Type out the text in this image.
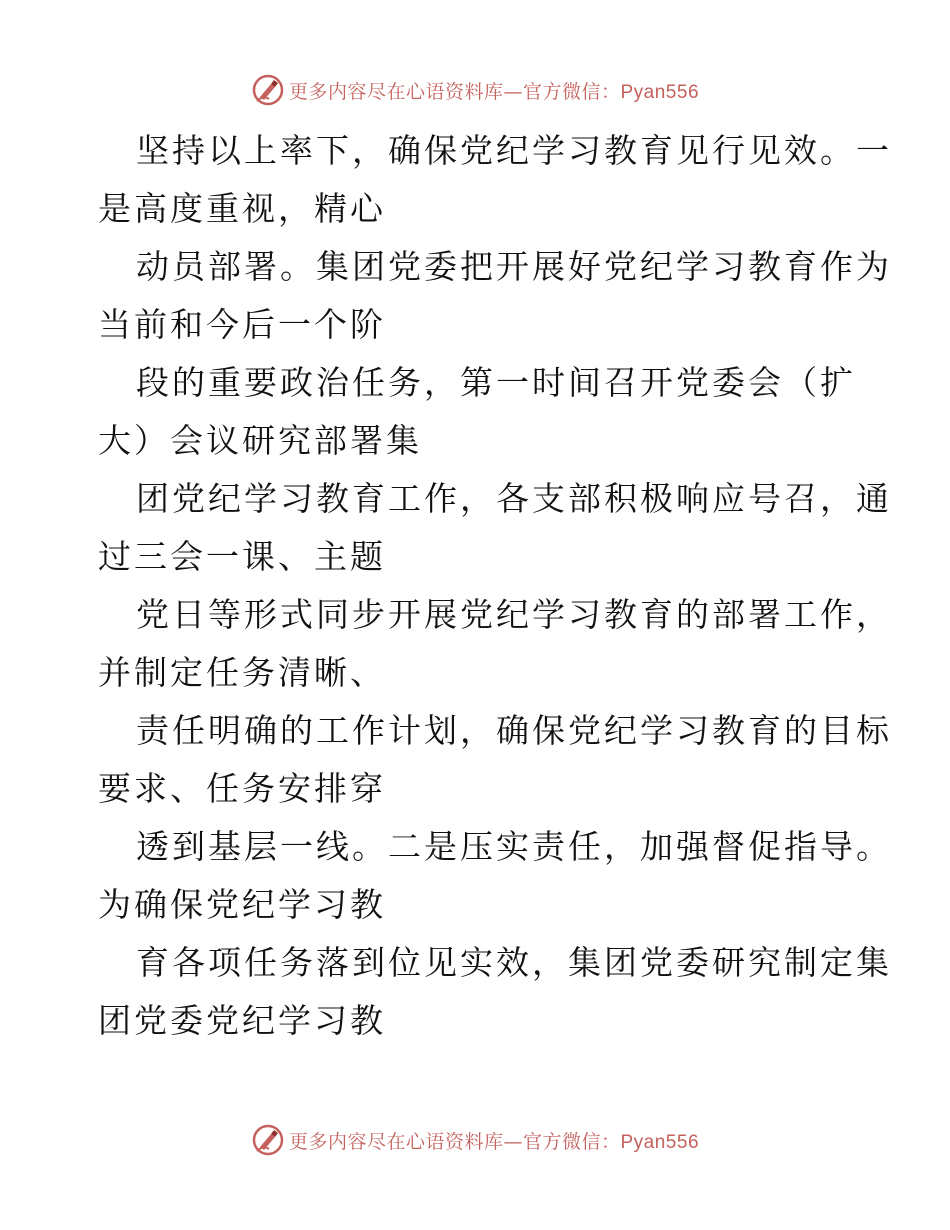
更多内容尽在心语资料库—官方微信：Pyan556

坚持以上率下，确保党纪学习教育见行见效。一
是高度重视，精心

动员部署。集团党委把开展好党纪学习教育作为
当前和今后一个阶

段的重要政治任务，第一时间召开党委会（扩
大）会议研究部署集

团党纪学习教育工作，各支部积极响应号召，通
过三会一课、主题

党日等形式同步开展党纪学习教育的部署工作，
并制定任务清晰、

责任明确的工作计划，确保党纪学习教育的目标
要求、任务安排穿

透到基层一线。二是压实责任，加强督促指导。
为确保党纪学习教

育各项任务落到位见实效，集团党委研究制定集
团党委党纪学习教

更多内容尽在心语资料库—官方微信：Pyan556
